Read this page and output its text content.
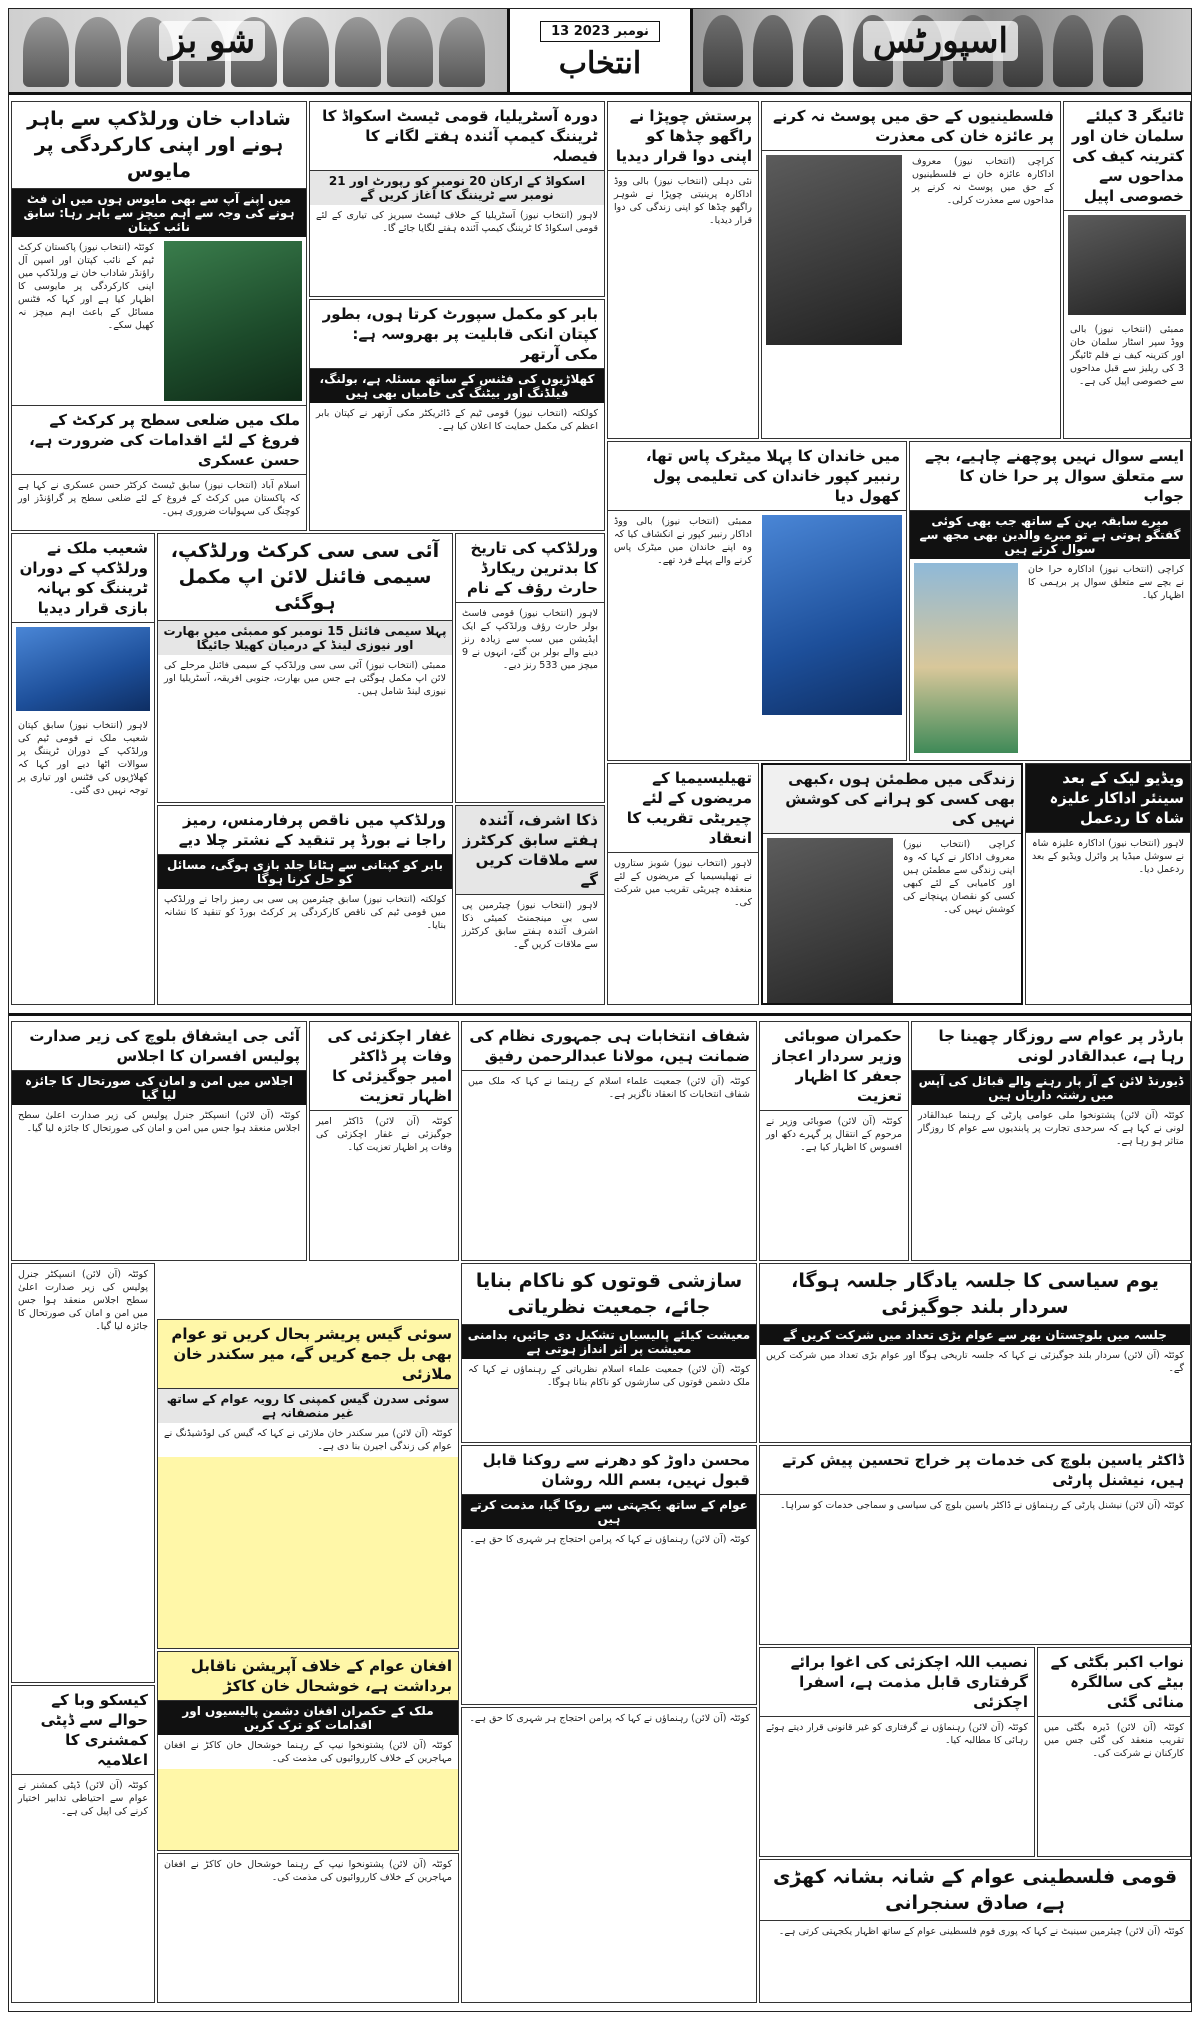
شو بز	13 نومبر 2023
انتخاب
اسپورٹس
شاداب خان ورلڈکپ سے باہر ہونے اور اپنی کارکردگی پر مایوس
میں اپنے آپ سے بھی مایوس ہوں میں ان فٹ ہونے کی وجہ سے اہم میچز سے باہر رہا: سابق نائب کپتان
کوئٹہ (انتخاب نیوز) پاکستان کرکٹ ٹیم کے نائب کپتان اور اسپن آل راؤنڈر شاداب خان نے ورلڈکپ میں اپنی کارکردگی پر مایوسی کا اظہار کیا ہے اور کہا کہ فٹنس مسائل کے باعث اہم میچز نہ کھیل سکے۔
ملک میں ضلعی سطح پر کرکٹ کے فروغ کے لئے اقدامات کی ضرورت ہے، حسن عسکری
اسلام آباد (انتخاب نیوز) سابق ٹیسٹ کرکٹر حسن عسکری نے کہا ہے کہ پاکستان میں کرکٹ کے فروغ کے لئے ضلعی سطح پر گراؤنڈز اور کوچنگ کی سہولیات ضروری ہیں۔
شعیب ملک نے ورلڈکپ کے دوران ٹریننگ کو بہانہ بازی قرار دیدیا
لاہور (انتخاب نیوز) سابق کپتان شعیب ملک نے قومی ٹیم کی ورلڈکپ کے دوران ٹریننگ پر سوالات اٹھا دیے اور کہا کہ کھلاڑیوں کی فٹنس اور تیاری پر توجہ نہیں دی گئی۔
دورہ آسٹریلیا، قومی ٹیسٹ اسکواڈ کا ٹریننگ کیمپ آئندہ ہفتے لگانے کا فیصلہ
اسکواڈ کے ارکان 20 نومبر کو رپورٹ اور 21 نومبر سے ٹریننگ کا آغاز کریں گے
لاہور (انتخاب نیوز) آسٹریلیا کے خلاف ٹیسٹ سیریز کی تیاری کے لئے قومی اسکواڈ کا ٹریننگ کیمپ آئندہ ہفتے لگایا جائے گا۔
بابر کو مکمل سپورٹ کرتا ہوں، بطور کپتان انکی قابلیت پر بھروسہ ہے: مکی آرتھر
کھلاڑیوں کی فٹنس کے ساتھ مسئلہ ہے، بولنگ، فیلڈنگ اور بیٹنگ کی خامیاں بھی ہیں
کولکتہ (انتخاب نیوز) قومی ٹیم کے ڈائریکٹر مکی آرتھر نے کپتان بابر اعظم کی مکمل حمایت کا اعلان کیا ہے۔
آئی سی سی کرکٹ ورلڈکپ، سیمی فائنل لائن اپ مکمل ہوگئی
پہلا سیمی فائنل 15 نومبر کو ممبئی میں بھارت اور نیوزی لینڈ کے درمیان کھیلا جائیگا
ممبئی (انتخاب نیوز) آئی سی سی ورلڈکپ کے سیمی فائنل مرحلے کی لائن اپ مکمل ہوگئی ہے جس میں بھارت، جنوبی افریقہ، آسٹریلیا اور نیوزی لینڈ شامل ہیں۔
ورلڈکپ کی تاریخ کا بدترین ریکارڈ حارث رؤف کے نام
لاہور (انتخاب نیوز) قومی فاسٹ بولر حارث رؤف ورلڈکپ کے ایک ایڈیشن میں سب سے زیادہ رنز دینے والے بولر بن گئے، انہوں نے 9 میچز میں 533 رنز دیے۔
ورلڈکپ میں ناقص پرفارمنس، رمیز راجا نے بورڈ پر تنقید کے نشتر چلا دیے
بابر کو کپتانی سے ہٹانا جلد بازی ہوگی، مسائل کو حل کرنا ہوگا
کولکتہ (انتخاب نیوز) سابق چیئرمین پی سی بی رمیز راجا نے ورلڈکپ میں قومی ٹیم کی ناقص کارکردگی پر کرکٹ بورڈ کو تنقید کا نشانہ بنایا۔
ذکا اشرف، آئندہ ہفتے سابق کرکٹرز سے ملاقات کریں گے
لاہور (انتخاب نیوز) چیئرمین پی سی بی مینجمنٹ کمیٹی ذکا اشرف آئندہ ہفتے سابق کرکٹرز سے ملاقات کریں گے۔
پرستش چوپڑا نے راگھو چڈھا کو اپنی دوا قرار دیدیا
نئی دہلی (انتخاب نیوز) بالی ووڈ اداکارہ پرینیتی چوپڑا نے شوہر راگھو چڈھا کو اپنی زندگی کی دوا قرار دیدیا۔
فلسطینیوں کے حق میں پوسٹ نہ کرنے پر عائزہ خان کی معذرت
کراچی (انتخاب نیوز) معروف اداکارہ عائزہ خان نے فلسطینیوں کے حق میں پوسٹ نہ کرنے پر مداحوں سے معذرت کرلی۔
ٹائیگر 3 کیلئے سلمان خان اور کترینہ کیف کی مداحوں سے خصوصی اپیل
ممبئی (انتخاب نیوز) بالی ووڈ سپر اسٹار سلمان خان اور کترینہ کیف نے فلم ٹائیگر 3 کی ریلیز سے قبل مداحوں سے خصوصی اپیل کی ہے۔
میں خاندان کا پہلا میٹرک پاس تھا، رنبیر کپور خاندان کی تعلیمی پول کھول دیا
ممبئی (انتخاب نیوز) بالی ووڈ اداکار رنبیر کپور نے انکشاف کیا کہ وہ اپنے خاندان میں میٹرک پاس کرنے والے پہلے فرد تھے۔
ایسے سوال نہیں پوچھنے چاہیے، بچے سے متعلق سوال پر حرا خان کا جواب
میرے سابقہ بہن کے ساتھ جب بھی کوئی گفتگو ہوتی ہے تو میرے والدین بھی مجھ سے سوال کرتے ہیں
کراچی (انتخاب نیوز) اداکارہ حرا خان نے بچے سے متعلق سوال پر برہمی کا اظہار کیا۔
زندگی میں مطمئن ہوں ،کبھی بھی کسی کو ہرانے کی کوشش نہیں کی
کراچی (انتخاب نیوز) معروف اداکار نے کہا کہ وہ اپنی زندگی سے مطمئن ہیں اور کامیابی کے لئے کبھی کسی کو نقصان پہنچانے کی کوشش نہیں کی۔
ویڈیو لیک کے بعد سینئر اداکار علیزہ شاہ کا ردعمل
لاہور (انتخاب نیوز) اداکارہ علیزہ شاہ نے سوشل میڈیا پر وائرل ویڈیو کے بعد ردعمل دیا۔
تھیلیسیمیا کے مریضوں کے لئے چیریٹی تقریب کا انعقاد
لاہور (انتخاب نیوز) شوبز ستاروں نے تھیلیسیمیا کے مریضوں کے لئے منعقدہ چیریٹی تقریب میں شرکت کی۔
آئی جی ایشفاق بلوچ کی زیر صدارت پولیس افسران کا اجلاس
اجلاس میں امن و امان کی صورتحال کا جائزہ لیا گیا
کوئٹہ (آن لائن) انسپکٹر جنرل پولیس کی زیر صدارت اعلیٰ سطح اجلاس منعقد ہوا جس میں امن و امان کی صورتحال کا جائزہ لیا گیا۔
غفار اچکزئی کی وفات پر ڈاکٹر امیر جوگیزئی کا اظہار تعزیت
کوئٹہ (آن لائن) ڈاکٹر امیر جوگیزئی نے غفار اچکزئی کی وفات پر اظہار تعزیت کیا۔
شفاف انتخابات ہی جمہوری نظام کی ضمانت ہیں، مولانا عبدالرحمن رفیق
کوئٹہ (آن لائن) جمعیت علماء اسلام کے رہنما نے کہا کہ ملک میں شفاف انتخابات کا انعقاد ناگزیر ہے۔
حکمران صوبائی وزیر سردار اعجاز جعفر کا اظہار تعزیت
کوئٹہ (آن لائن) صوبائی وزیر نے مرحوم کے انتقال پر گہرے دکھ اور افسوس کا اظہار کیا ہے۔
بارڈر پر عوام سے روزگار چھینا جا رہا ہے، عبدالقادر لونی
ڈیورنڈ لائن کے آر پار رہنے والے قبائل کی آپس میں رشتہ داریاں ہیں
کوئٹہ (آن لائن) پشتونخوا ملی عوامی پارٹی کے رہنما عبدالقادر لونی نے کہا ہے کہ سرحدی تجارت پر پابندیوں سے عوام کا روزگار متاثر ہو رہا ہے۔
سازشی قوتوں کو ناکام بنایا جائے، جمعیت نظریاتی
معیشت کیلئے پالیسیاں تشکیل دی جائیں، بدامنی معیشت پر اثر انداز ہوتی ہے
کوئٹہ (آن لائن) جمعیت علماء اسلام نظریاتی کے رہنماؤں نے کہا کہ ملک دشمن قوتوں کی سازشوں کو ناکام بنانا ہوگا۔
یوم سیاسی کا جلسہ یادگار جلسہ ہوگا، سردار بلند جوگیزئی
جلسہ میں بلوچستان بھر سے عوام بڑی تعداد میں شرکت کریں گے
کوئٹہ (آن لائن) سردار بلند جوگیزئی نے کہا کہ جلسہ تاریخی ہوگا اور عوام بڑی تعداد میں شرکت کریں گے۔
سوئی گیس پریشر بحال کریں تو عوام بھی بل جمع کریں گے، میر سکندر خان ملازئی
سوئی سدرن گیس کمپنی کا رویہ عوام کے ساتھ غیر منصفانہ ہے
کوئٹہ (آن لائن) میر سکندر خان ملازئی نے کہا کہ گیس کی لوڈشیڈنگ نے عوام کی زندگی اجیرن بنا دی ہے۔
کوئٹہ (آن لائن) انسپکٹر جنرل پولیس کی زیر صدارت اعلیٰ سطح اجلاس منعقد ہوا جس میں امن و امان کی صورتحال کا جائزہ لیا گیا۔
افغان عوام کے خلاف آپریشن ناقابل برداشت ہے، خوشحال خان کاکڑ
ملک کے حکمران افغان دشمن پالیسیوں اور اقدامات کو ترک کریں
کوئٹہ (آن لائن) پشتونخوا نیپ کے رہنما خوشحال خان کاکڑ نے افغان مہاجرین کے خلاف کارروائیوں کی مذمت کی۔
محسن داوڑ کو دھرنے سے روکنا قابل قبول نہیں، بسم اللہ روشان
عوام کے ساتھ یکجہتی سے روکا گیا، مذمت کرتے ہیں
کوئٹہ (آن لائن) رہنماؤں نے کہا کہ پرامن احتجاج ہر شہری کا حق ہے۔
ڈاکٹر یاسین بلوچ کی خدمات پر خراج تحسین پیش کرتے ہیں، نیشنل پارٹی
کوئٹہ (آن لائن) نیشنل پارٹی کے رہنماؤں نے ڈاکٹر یاسین بلوچ کی سیاسی و سماجی خدمات کو سراہا۔
نصیب اللہ اچکزئی کی اغوا برائے گرفتاری قابل مذمت ہے، اسفرا اچکزئی
کوئٹہ (آن لائن) رہنماؤں نے گرفتاری کو غیر قانونی قرار دیتے ہوئے رہائی کا مطالبہ کیا۔
نواب اکبر بگٹی کے بیٹے کی سالگرہ منائی گئی
کوئٹہ (آن لائن) ڈیرہ بگٹی میں تقریب منعقد کی گئی جس میں کارکنان نے شرکت کی۔
کیسکو وبا کے حوالے سے ڈپٹی کمشنری کا اعلامیہ
کوئٹہ (آن لائن) ڈپٹی کمشنر نے عوام سے احتیاطی تدابیر اختیار کرنے کی اپیل کی ہے۔
کوئٹہ (آن لائن) پشتونخوا نیپ کے رہنما خوشحال خان کاکڑ نے افغان مہاجرین کے خلاف کارروائیوں کی مذمت کی۔
کوئٹہ (آن لائن) رہنماؤں نے کہا کہ پرامن احتجاج ہر شہری کا حق ہے۔
قومی فلسطینی عوام کے شانہ بشانہ کھڑی ہے، صادق سنجرانی
کوئٹہ (آن لائن) چیئرمین سینیٹ نے کہا کہ پوری قوم فلسطینی عوام کے ساتھ اظہار یکجہتی کرتی ہے۔
